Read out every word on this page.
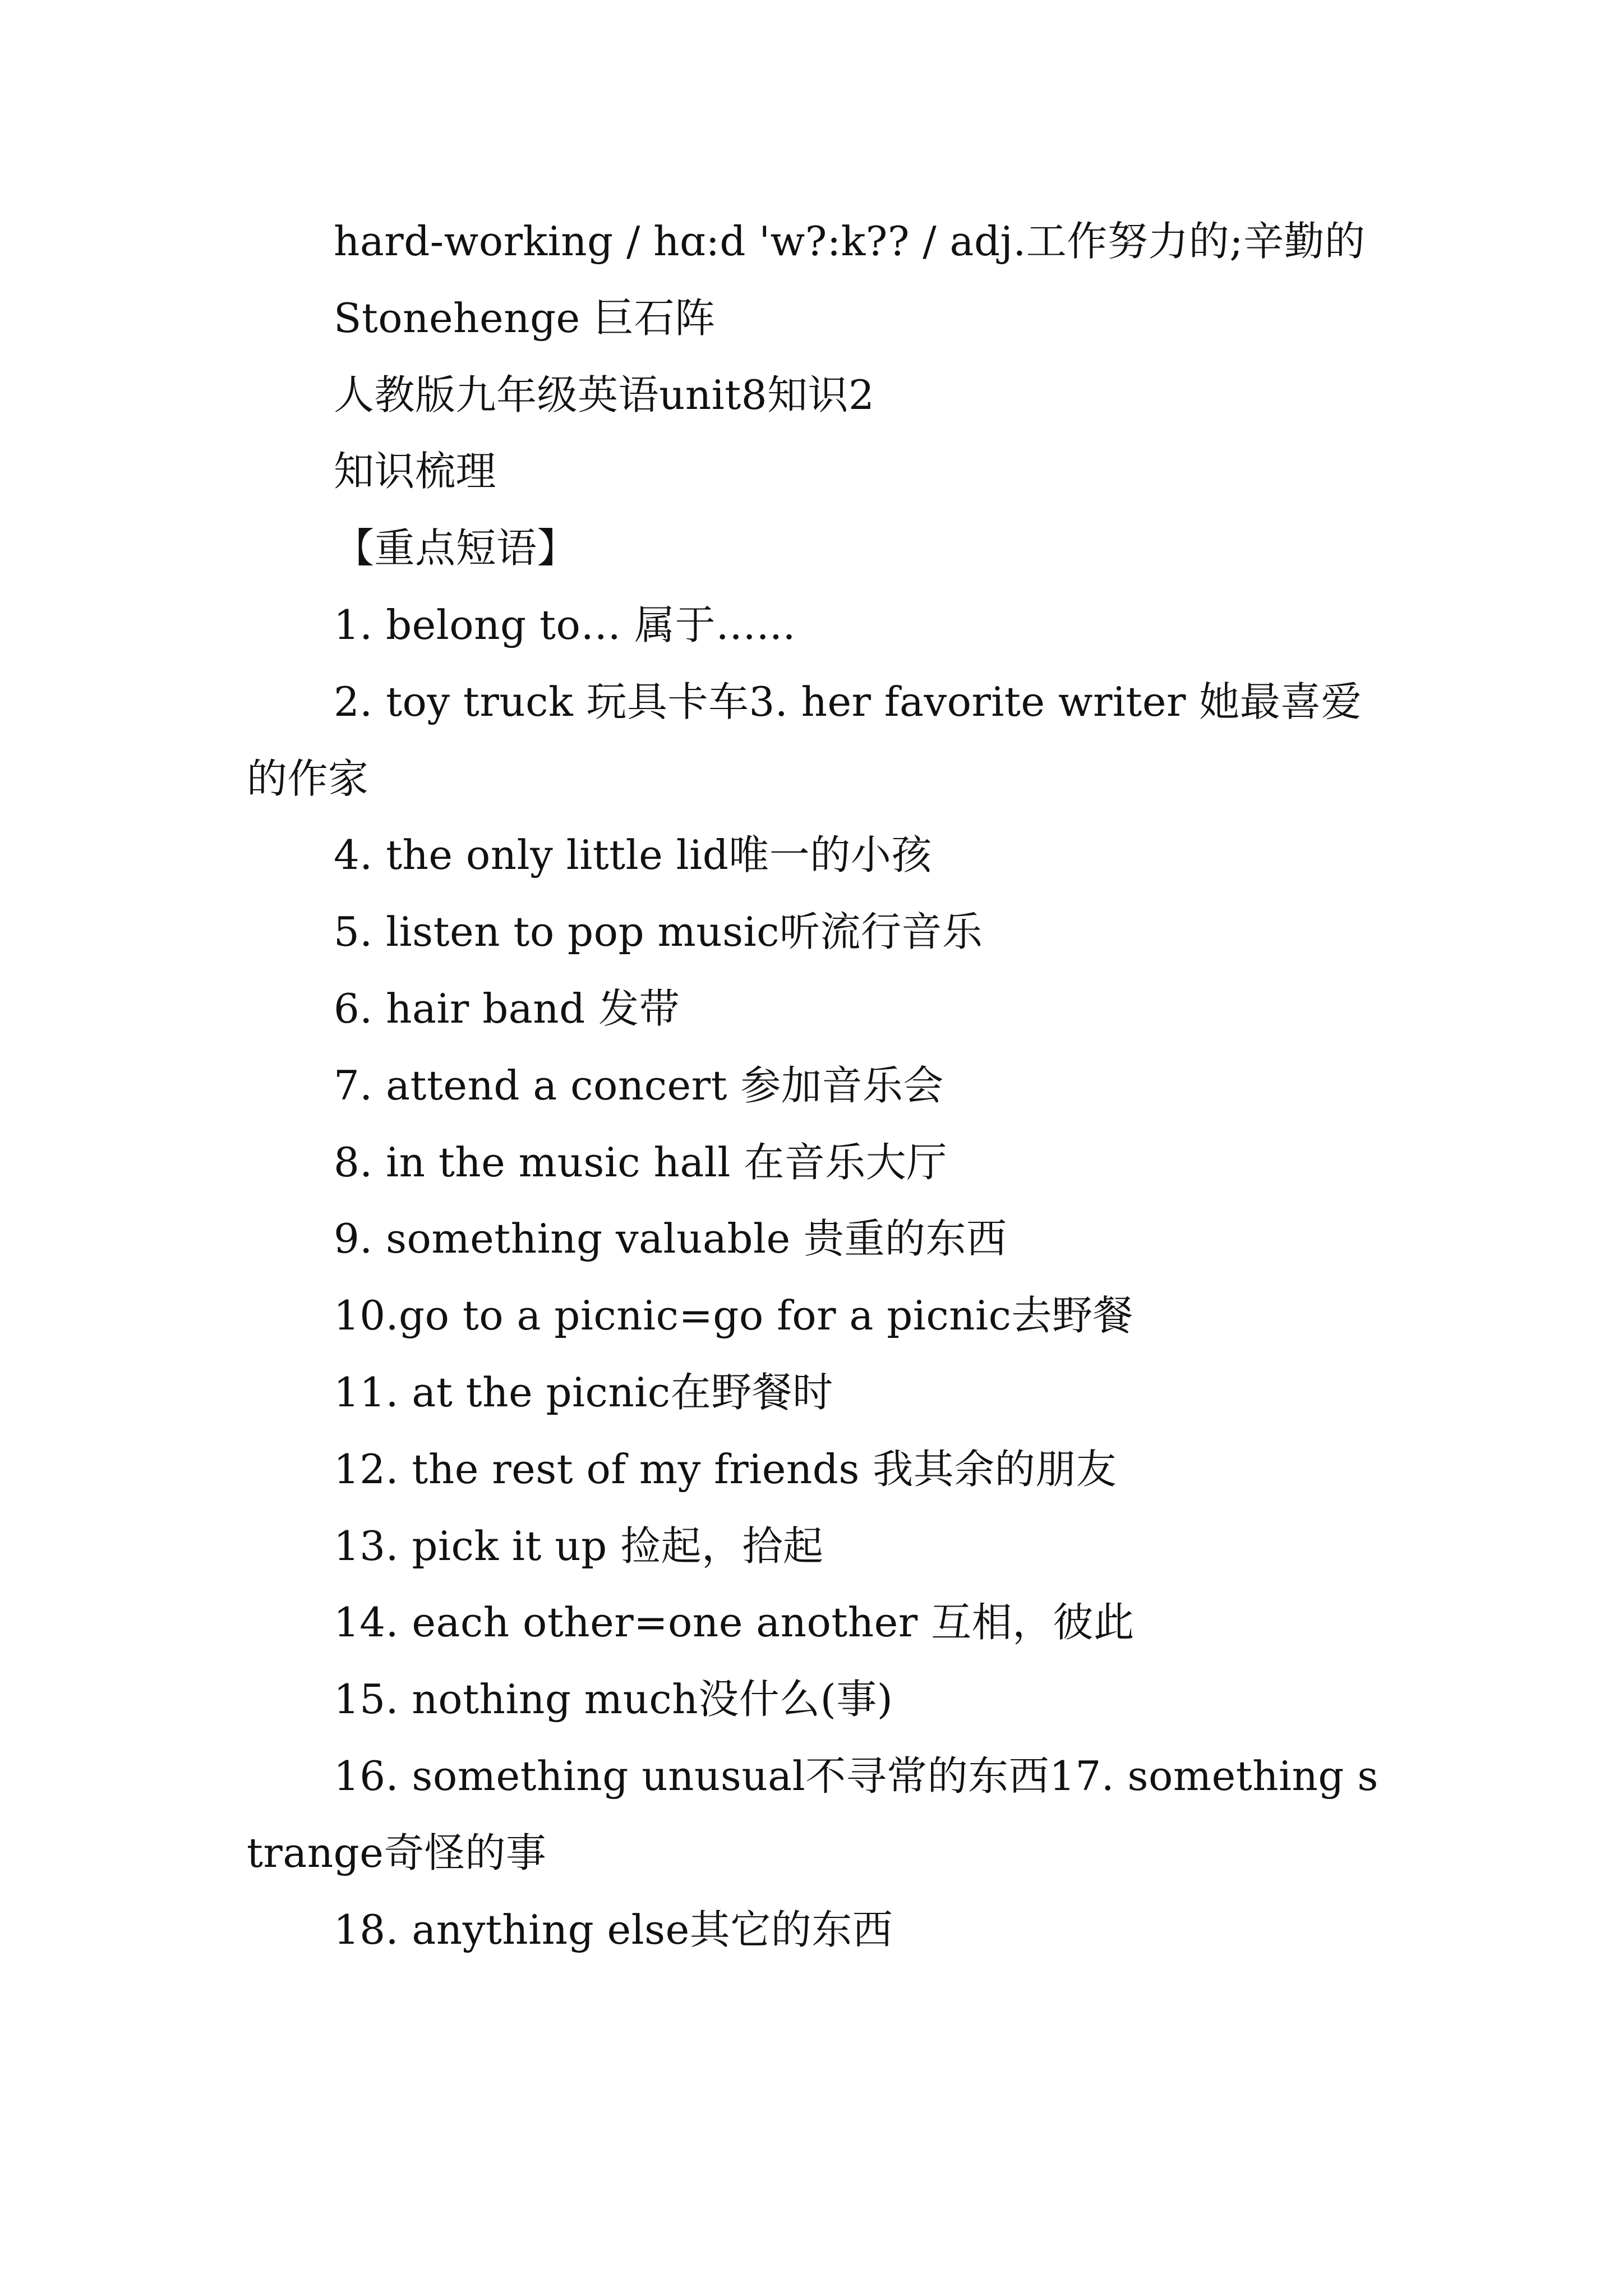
hard-working / hɑ:d 'w?:k?? / adj.工作努力的;辛勤的

Stonehenge 巨石阵

人教版九年级英语unit8知识2

知识梳理

【重点短语】

1. belong to… 属于…...

2. toy truck 玩具卡车3. her favorite writer 她最喜爱的作家

4. the only little lid唯一的小孩

5. listen to pop music听流行音乐

6. hair band 发带

7. attend a concert 参加音乐会

8. in the music hall 在音乐大厅

9. something valuable 贵重的东西

10.go to a picnic=go for a picnic去野餐

11. at the picnic在野餐时

12. the rest of my friends 我其余的朋友

13. pick it up 捡起，拾起

14. each other=one another 互相，彼此

15. nothing much没什么(事)

16. something unusual不寻常的东西17. something strange奇怪的事

18. anything else其它的东西
